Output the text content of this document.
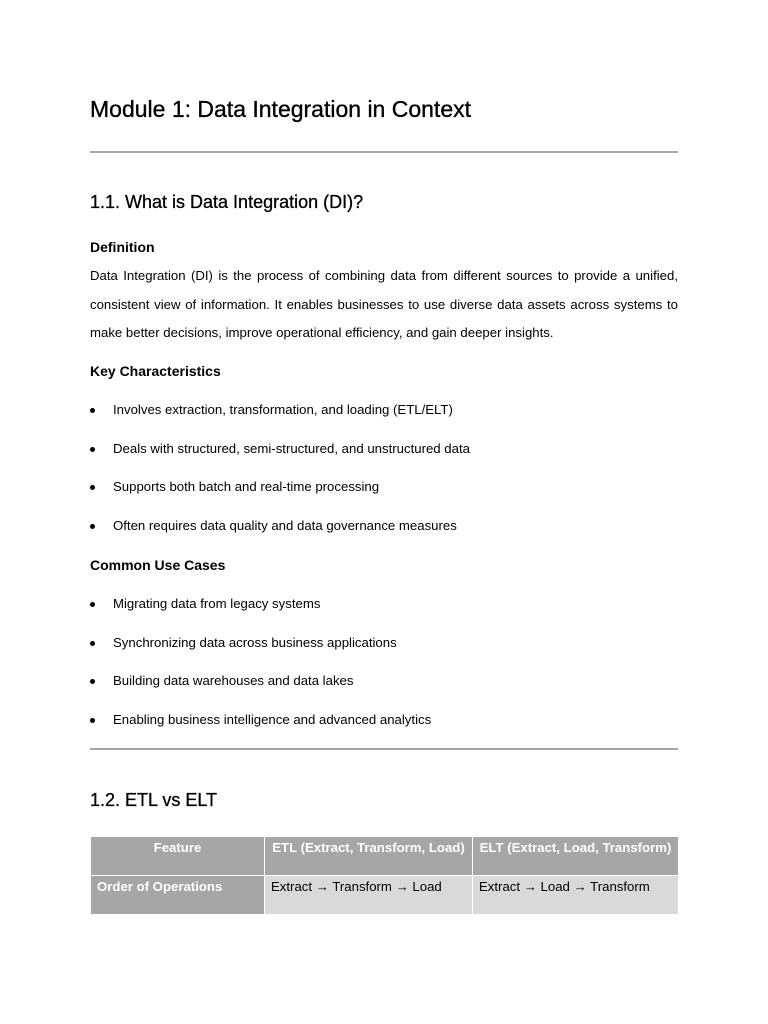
Module 1: Data Integration in Context
1.1. What is Data Integration (DI)?
Definition

Data Integration (DI) is the process of combining data from different sources to provide a unified, consistent view of information. It enables businesses to use diverse data assets across systems to make better decisions, improve operational efficiency, and gain deeper insights.

Key Characteristics
Involves extraction, transformation, and loading (ETL/ELT)
Deals with structured, semi-structured, and unstructured data
Supports both batch and real-time processing
Often requires data quality and data governance measures
Common Use Cases
Migrating data from legacy systems
Synchronizing data across business applications
Building data warehouses and data lakes
Enabling business intelligence and advanced analytics
1.2. ETL vs ELT
Feature	ETL (Extract, Transform, Load)	ELT (Extract, Load, Transform)
Order of Operations	Extract → Transform → Load	Extract → Load → Transform
